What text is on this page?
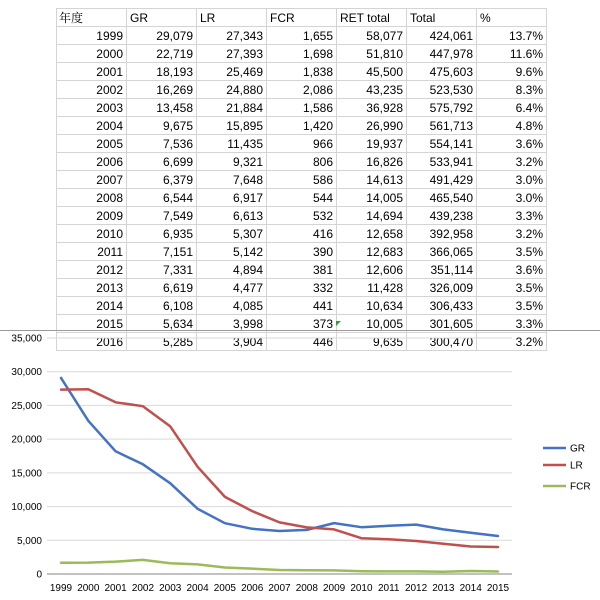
年度	GR	LR	FCR	RET total	Total	%
1999	29,079	27,343	1,655	58,077	424,061	13.7%
2000	22,719	27,393	1,698	51,810	447,978	11.6%
2001	18,193	25,469	1,838	45,500	475,603	9.6%
2002	16,269	24,880	2,086	43,235	523,530	8.3%
2003	13,458	21,884	1,586	36,928	575,792	6.4%
2004	9,675	15,895	1,420	26,990	561,713	4.8%
2005	7,536	11,435	966	19,937	554,141	3.6%
2006	6,699	9,321	806	16,826	533,941	3.2%
2007	6,379	7,648	586	14,613	491,429	3.0%
2008	6,544	6,917	544	14,005	465,540	3.0%
2009	7,549	6,613	532	14,694	439,238	3.3%
2010	6,935	5,307	416	12,658	392,958	3.2%
2011	7,151	5,142	390	12,683	366,065	3.5%
2012	7,331	4,894	381	12,606	351,114	3.6%
2013	6,619	4,477	332	11,428	326,009	3.5%
2014	6,108	4,085	441	10,634	306,433	3.5%
2015	5,634	3,998	373	10,005	301,605	3.3%
2016	5,285	3,904	446	9,635	300,470	3.2%
0
5,000
10,000
15,000
20,000
25,000
30,000
35,000
1999 2000 2001 2002 2003 2004 2005 2006 2007 2008 2009 2010 2011 2012 2013 2014 2015
GR
LR
FCR
